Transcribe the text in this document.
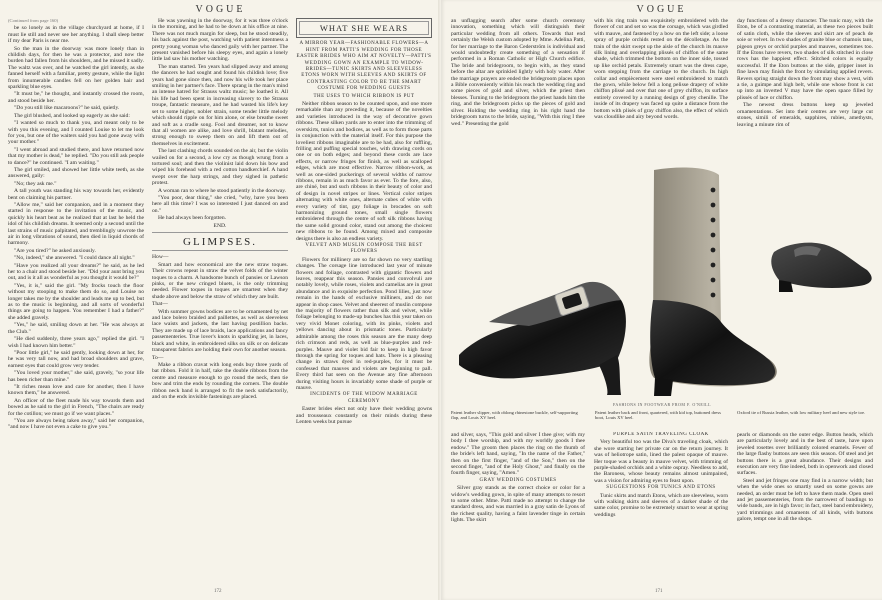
VOGUE

(Continued from page 160)

be so lonely as in the village churchyard at home, if I must lie still and never see her anything. I shall sleep better if my dear Paris is near me.

So the man in the doorway was more lonely than in childish days, for then he was a protector, and now the burden had fallen from his shoulders, and he missed it sadly. The waltz was over, and he watched the girl intently, as she fanned herself with a familiar, pretty gesture, while the light from innumerable candles fell on her golden hair and sparkling blue eyes.

"It must be," he thought, and instantly crossed the room, and stood beside her.

"Do you still like macaroons?" he said, quietly.

The girl blushed, and looked up eagerly as she said:

"I wanted so much to thank you, and meant only to be with you this evening, and I counted Louise to let me look for you, but one of the waiters said you had gone away with your mother."

"I went abroad and studied there, and have returned now that my mother is dead," he replied. "Do you still ask people to dance?" he continued. "I am waiting."

The girl smiled, and showed her little white teeth, as she answered, gaily:

"No; they ask me."

A tall youth was standing his way towards her, evidently bent on claiming his partner.

"Allow me," said her companion, and in a moment they started in response to the invitation of the music, and quickly his heart beat as he realized that at last he held the idol of his childish dreams. It seemed only a second until the last strains of music palpitated, and tremblingly unwrote the air in long vibrations of sound, then died in liquid chords of harmony.

"Are you tired?" he asked anxiously.

"No, indeed," she answered. "I could dance all night."

"Have you realized all your dreams?" he said, as he led her to a chair and stood beside her. "Did your aunt bring you out, and is it all as wonderful as you thought it would be?"

"Yes, it is," said the girl. "My frocks touch the floor without my stooping to make them do so, and Louise no longer takes me by the shoulder and leads me up to bed, but as to the music is beginning, and all sorts of wonderful things are going to happen. You remember I had a father?" she added gravely.

"Yes," he said, smiling down at her. "He was always at the Club."

"He died suddenly, three years ago," replied the girl. "I wish I had known him better."

"Poor little girl," he said gently, looking down at her, for he was very tall now, and had broad shoulders and grave, earnest eyes that could grow very tender.

"You loved your mother," she said, gravely, "so your life has been richer than mine."

"It riches mean love and care for another, then I have known them," he answered.

An officer of the fleet made his way towards them and bowed as he said to the girl in French, "The chairs are ready for the cotillon; we must go if we want places."

"You are always being taken away," said her companion, "and now I have not even a cake to give you."

He was yawning in the doorway, for it was three o'clock in the morning, and he had to be down at his office at nine. There was not much margin for sleep, but he stood steadily, his back against the post, watching with patient intentness a pretty young woman who danced gaily with her partner. The present vanished before his sleepy eyes, and again a lonely little lad saw his mother watching.

The man started. Ten years had slipped away and among the dancers he had sought and found his childish love; five years had gone since then, and now his wife took her place smiling in her partner's face. There sprang in the man's mind an intense hatred for Strauss waltz music; he loathed it. All his life had been spent in increasing slavery to the Strauss troupe, fantastic measure, and he had wasted his life's key set to some higher, nobler strain, some tender little melody which should ripple on for him alone, or else breathe sweet and soft as a cradle song. Fool and dreamer, not to know that all women are alike, and love shrill, blatant melodies, strong enough to sweep them on and lift them out of themselves in excitement.

The last clashing chords sounded on the air, but the violin wailed on for a second, a low cry as though wrung from a tortured soul; and then the violinist laid down his bow and wiped his forehead with a red cotton handkerchief. A hand swept over the harp strings, and they sighed in pathetic protest.

A woman ran to where he stood patiently in the doorway.

"You poor, dear thing," she cried, "why, have you been here all this time? I was so interested I just danced on and on."

He had always been forgotten.

END.

GLIMPSES.

How—

Smart and how economical are the new straw toques. Their crowns repeat in straw the velvet folds of the winter toques to a charm. A handsome bunch of pansies or Lawson pinks, or the new cringed bluets, is the only trimming needed. Flower toques in toques are smartest when they shade above and below the straw of which they are built.

That—

With summer gowns bodices are to be ornamented by net and lace bolero braided and paillettes, as well as sleeveless lace waists and jackets, the last having postillion backs. They are made up of lace braids, lace applications and fancy passementeries. True lover's knots in sparkling jet, in laces, black and white, in embroidered silks on silk or on delicate transparent fabrics are holding their own for another season.

To—

Make a ribbon cravat with long ends buy three yards of bat ribbon. Fold it in half, take the double ribbons from the centre and measure enough to go round the neck, then tie bow and trim the ends by rounding the corners. The double ribbon neck band is arranged to fit the neck satisfactorily, and on the ends invisible fastenings are placed.

WHAT SHE WEARS

A MIRROR YEAR—FASHIONABLE FLOWERS—A HINT FROM PATTI'S WEDDING FOR THOSE EASTER BRIDES WHO AIM AT NOVELTY—PATTI'S WEDDING GOWN AN EXAMPLE TO WIDOW-BRIDES—TUNIC SKIRTS AND SLEEVELESS ETONS WORN WITH SLEEVES AND SKIRTS OF CONTRASTING COLOR TO BE THE SMART COSTUME FOR WEDDING GUESTS

THE USES TO WHICH RIBBON IS PUT

Neither ribbon season to be counted upon, and one more remarkable than any preceding it, because of the novelties and varieties introduced in the way of decorative gown ribbons. These silken yards are to enter into the trimming of overskirts, tunics and bodices, as well as to form those parts in conjunction with the material itself. For this purpose the loveliest ribbons imaginable are to be had, also for ruffling, frilling and puffing special touches, with drawing cords on one or on both edges; and beyond these cords are lace effects, or narrow fringes for finish, as well as scalloped edges, which are most effective. Narrow ribbon-work, as well as one-sided puckerings of several widths of narrow ribbons, remain in as much favor as ever. To the fore, also, are chiné, but and such ribbons in their beauty of color and of design in novel stripes or lines. Vertical color stripes alternating with white ones, alternate cubes of white with every variety of tint, gay foliage in brocades on soft harmonizing ground tones, small single flowers embroidered through the centre of soft silk ribbons having the same solid ground color, stand out among the choicest new ribbons to be found. Among mixed and composite designs there is also an endless variety.

VELVET AND MUSLIN COMPOSE THE BEST FLOWERS

Flowers for millinery are so far shown no very startling changes. The corsage line introduced last year of minute flowers and foliage, contrasted with gigantic flowers and leaves, reappear this season. Pansies and convolvuli are notably lovely, while roses, violets and camelias are in great abundance and in exquisite perfection. Pond lilies, just now remain in the hands of exclusive milliners, and do not appear in shop cases. Velvet and sheerest of muslin compose the majority of flowers rather than silk and velvet, while foliage belonging to made-up bunches has this year taken on very vivid Monet coloring, with its pinks, violets and yellows dancing about in prismatic tones. Particularly admirable among the roses this season are the many deep rich crimson and reds, as well as blue-purples and red-purples. Mauve and violet bid fair to keep in high favor through the spring for toques and hats. There is a pleasing change in straws dyed in red-purples, for it must be confessed that mauves and violets are beginning to pall. Every third hat seen on the Avenue any fine afternoon during visiting hours is invariably some shade of purple or mauve.

INCIDENTS OF THE WIDOW MARRIAGE CEREMONY

Easter brides elect not only have their wedding gowns and trousseaux constantly on their minds during these Lenten weeks but pursue

172
VOGUE

an unflagging search after some church ceremony innovation, something which will distinguish their particular wedding from all others. Towards that end certainly the Welsh custom adopted by Mme. Adelina Patti, for her marriage to the Baron Cederström is individual and would undoubtedly create something of a sensation if performed in a Roman Catholic or High Church edifice. The bride and bridegroom, to begin with, as they stand before the altar are sprinkled lightly with holy water. After the marriage prayers are ended the bridegroom places upon a Bible conveniently within his reach the wedding ring and some pieces of gold and silver, which the priest then blesses. Turning to the bridegroom the priest hands him the ring, and the bridegroom picks up the pieces of gold and silver. Holding the wedding ring in his right hand the bridegroom turns to the bride, saying, "With this ring I thee wed." Presenting the gold

with his ring train was exquisitely embroidered with the flower of cut and set so was the corsage, which was girdled with mauve, and fastened by a bow on the left side; a loose spray of purple orchids rested on the décolletage. As the train of the skirt swept up the aisle of the church its mauve silk lining and overlapping plissés of chiffon of the same shade, which trimmed the bottom on the inner side, tossed up like orchid petals. Extremely smart was the dress cape, worn stepping from the carriage to the church. Its high collar and empiècement were steel embroidered to match the gown, while below fell a long pelisse drapery of white chiffon plissé and over that one of grey chiffon, its surface entirely covered by a running design of grey chenille. The inside of its drapery was faced up quite a distance from the bottom with plisés of gray chiffon also, the effect of which was cloudlike and airy beyond words.

day functions of a dressy character. The tunic may, with the Eton, be of a contrasting material, as these two pieces built of satin cloth, while the sleeves and skirt are of peach de soie or velvet. In two shades of granite blue or chamois tans, pigeon greys or orchid purples and mauves, sometimes too. If the Etons have revers, two shades of silk stitched in close rows has the happiest effect. Stitched colors is equally successful. If the Eton buttons at the side, gripper inset in fine lawn may finish the front by simulating applied revers. Revers spring straight down the front may show a vest, with a tie, a guimpe and high belt, while one whose front is cut up into an inverted V may have the open space filled by plissés of lace or chiffon.

The newest dress buttons keep up jeweled ornamentations. Set into their centres are very large cut stones, simili of emeralds, sapphires, rubies, amethysts, leaving a minute rim of

FASHIONS IN FOOTWEAR FROM F. O'NEILL
Patent leather slipper, with oblong rhinestone buckle, self-supporting flap, and Louis XV heel.
Patent leather back and front, quartered, with kid top, buttoned dress boot, Louis XV heel.
Oxford tie of Russia leather, with low military heel and new style toe.

and silver, says, "This gold and silver I thee give; with my body I thee worship, and with my worldly goods I thee endow." The groom then places the ring on the thumb of the bride's left hand, saying, "In the name of the Father," then on the first finger, "and of the Son," then on the second finger, "and of the Holy Ghost," and finally on the fourth finger, saying, "Amen."

GRAY WEDDING COSTUMES

Silver gray stands as the correct choice or color for a widow's wedding gown, in spite of many attempts to resort to some other. Mme. Patti made no attempt to change the standard dress, and was married in a gray satin de Lyons of the richest quality, having a faint lavender tinge in certain lights. The skirt

PURPLE SATIN TRAVELING CLOAK

Very beautiful too was the Diva's traveling cloak, which she wore starting her private car on the return journey. It was of heliotrope satin, lined the palest opaque of mauve. Her toque was a beauty in mauve velvet, with trimming of purple-shaded orchids and a white ospray. Needless to add, the Baroness, whose beauty remains almost unimpaired, was a vision for admiring eyes to feast upon.

SUGGESTIONS FOR TUNICS AND ETONS

Tunic skirts and match Etons, which are sleeveless, worn with walking skirts and sleeves of a darker shade of the same color, promise to be extremely smart to wear at spring weddings

pearls or diamonds on the outer edge. Button heads, which are particularly lovely and in the best of taste, have upon jeweled rosettes over brilliantly colored enamels. Fewer of the large flashy buttons are seen this season. Of steel and jet buttons there is a great abundance. Their designs and execution are very fine indeed, both in openwork and closed surfaces.

Steel and jet fringes one may find in a narrow width; but when the wide ones so smartly used on some gowns are needed, an order must be left to have them made. Open steel and jet passementeries, from the narrowest of bandings to wide bands, are in high favor; in fact, steel band embroidery, yard trimmings and ornaments of all kinds, with buttons galore, tempt one in all the shops.

171
